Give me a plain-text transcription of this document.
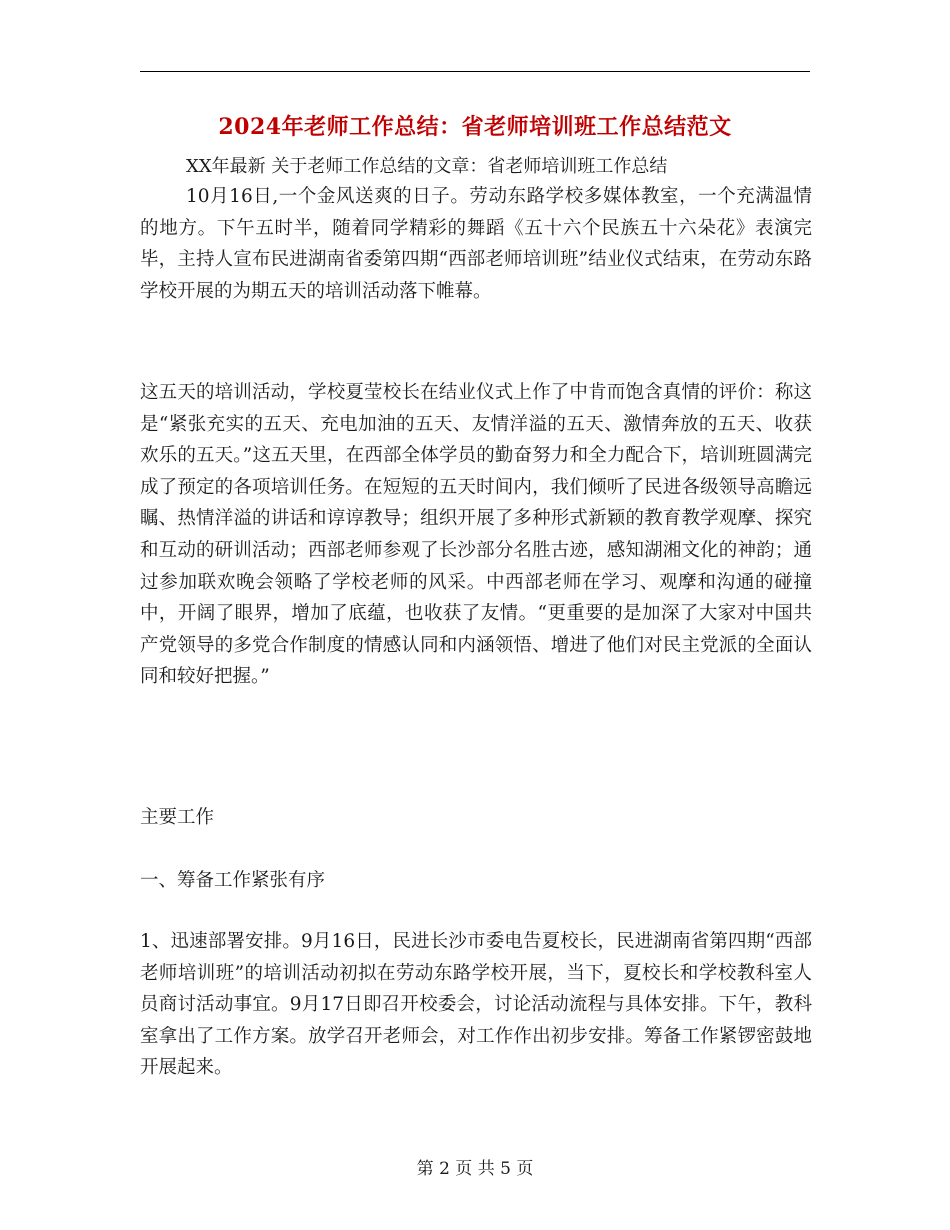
2024年老师工作总结：省老师培训班工作总结范文
XX年最新 关于老师工作总结的文章：省老师培训班工作总结

10月16日,一个金风送爽的日子。劳动东路学校多媒体教室，一个充满温情的地方。下午五时半，随着同学精彩的舞蹈《五十六个民族五十六朵花》表演完毕，主持人宣布民进湖南省委第四期“西部老师培训班”结业仪式结束，在劳动东路学校开展的为期五天的培训活动落下帷幕。

这五天的培训活动，学校夏莹校长在结业仪式上作了中肯而饱含真情的评价：称这是“紧张充实的五天、充电加油的五天、友情洋溢的五天、激情奔放的五天、收获欢乐的五天。”这五天里，在西部全体学员的勤奋努力和全力配合下，培训班圆满完成了预定的各项培训任务。在短短的五天时间内，我们倾听了民进各级领导高瞻远瞩、热情洋溢的讲话和谆谆教导；组织开展了多种形式新颖的教育教学观摩、探究和互动的研训活动；西部老师参观了长沙部分名胜古迹，感知湖湘文化的神韵；通过参加联欢晚会领略了学校老师的风采。中西部老师在学习、观摩和沟通的碰撞中，开阔了眼界，增加了底蕴，也收获了友情。“更重要的是加深了大家对中国共产党领导的多党合作制度的情感认同和内涵领悟、增进了他们对民主党派的全面认同和较好把握。”

主要工作

一、筹备工作紧张有序

1、迅速部署安排。9月16日，民进长沙市委电告夏校长，民进湖南省第四期“西部老师培训班”的培训活动初拟在劳动东路学校开展，当下，夏校长和学校教科室人员商讨活动事宜。9月17日即召开校委会，讨论活动流程与具体安排。下午，教科室拿出了工作方案。放学召开老师会，对工作作出初步安排。筹备工作紧锣密鼓地开展起来。

第 2 页 共 5 页
